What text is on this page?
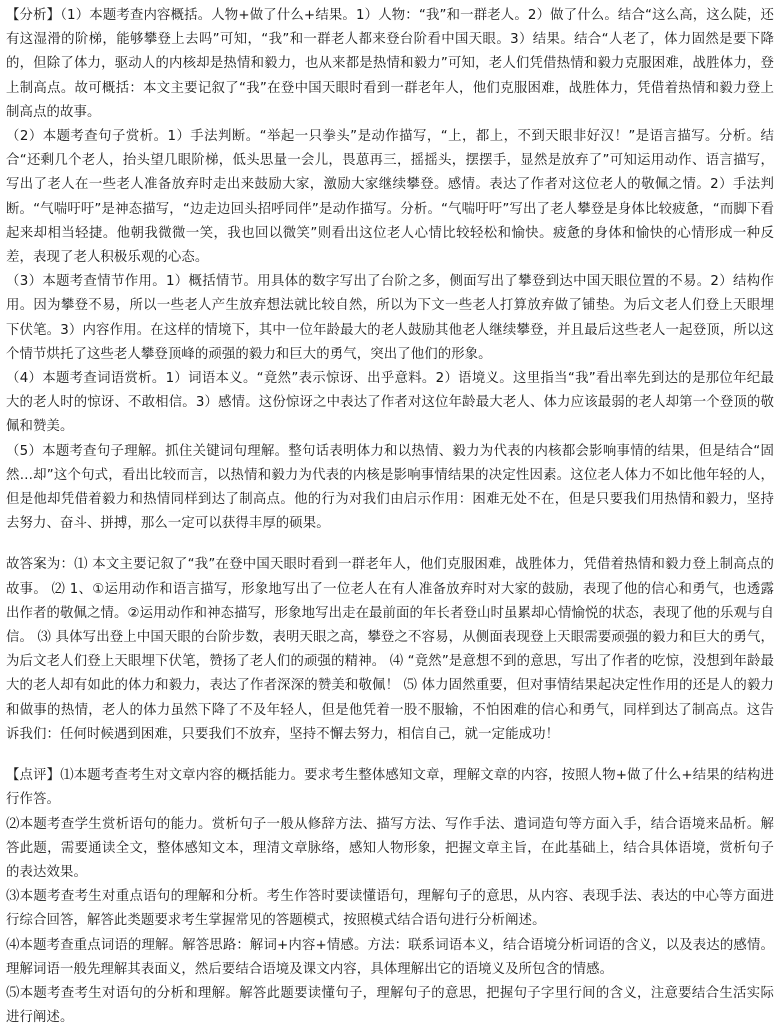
【分析】（1）本题考查内容概括。人物+做了什么+结果。1）人物：“我”和一群老人。2）做了什么。结合“这么高，这么陡，还有这湿滑的阶梯，能够攀登上去吗”可知，“我”和一群老人都来登台阶看中国天眼。3）结果。结合“人老了，体力固然是要下降的，但除了体力，驱动人的内核却是热情和毅力，也从来都是热情和毅力”可知，老人们凭借热情和毅力克服困难，战胜体力，登上制高点。故可概括：本文主要记叙了“我”在登中国天眼时看到一群老年人，他们克服困难，战胜体力，凭借着热情和毅力登上制高点的故事。

（2）本题考查句子赏析。1）手法判断。“举起一只拳头”是动作描写，“上，都上，不到天眼非好汉！”是语言描写。分析。结合“还剩几个老人，抬头望几眼阶梯，低头思量一会儿，畏葸再三，摇摇头，摆摆手，显然是放弃了”可知运用动作、语言描写，写出了老人在一些老人准备放弃时走出来鼓励大家，激励大家继续攀登。感情。表达了作者对这位老人的敬佩之情。2）手法判断。“气喘吁吁”是神态描写，“边走边回头招呼同伴”是动作描写。分析。“气喘吁吁”写出了老人攀登是身体比较疲惫，“而脚下看起来却相当轻捷。他朝我微微一笑，我也回以微笑”则看出这位老人心情比较轻松和愉快。疲惫的身体和愉快的心情形成一种反差，表现了老人积极乐观的心态。

（3）本题考查情节作用。1）概括情节。用具体的数字写出了台阶之多，侧面写出了攀登到达中国天眼位置的不易。2）结构作用。因为攀登不易，所以一些老人产生放弃想法就比较自然，所以为下文一些老人打算放弃做了铺垫。为后文老人们登上天眼埋下伏笔。3）内容作用。在这样的情境下，其中一位年龄最大的老人鼓励其他老人继续攀登，并且最后这些老人一起登顶，所以这个情节烘托了这些老人攀登顶峰的顽强的毅力和巨大的勇气，突出了他们的形象。

（4）本题考查词语赏析。1）词语本义。“竟然”表示惊讶、出乎意料。2）语境义。这里指当“我”看出率先到达的是那位年纪最大的老人时的惊讶、不敢相信。3）感情。这份惊讶之中表达了作者对这位年龄最大老人、体力应该最弱的老人却第一个登顶的敬佩和赞美。

（5）本题考查句子理解。抓住关键词句理解。整句话表明体力和以热情、毅力为代表的内核都会影响事情的结果，但是结合“固然…却”这个句式，看出比较而言，以热情和毅力为代表的内核是影响事情结果的决定性因素。这位老人体力不如比他年轻的人，但是他却凭借着毅力和热情同样到达了制高点。他的行为对我们由启示作用：困难无处不在，但是只要我们用热情和毅力，坚持去努力、奋斗、拼搏，那么一定可以获得丰厚的硕果。

故答案为：⑴ 本文主要记叙了“我”在登中国天眼时看到一群老年人，他们克服困难，战胜体力，凭借着热情和毅力登上制高点的故事。 ⑵ 1、①运用动作和语言描写，形象地写出了一位老人在有人准备放弃时对大家的鼓励，表现了他的信心和勇气，也透露出作者的敬佩之情。②运用动作和神态描写，形象地写出走在最前面的年长者登山时虽累却心情愉悦的状态，表现了他的乐观与自信。 ⑶ 具体写出登上中国天眼的台阶步数，表明天眼之高，攀登之不容易，从侧面表现登上天眼需要顽强的毅力和巨大的勇气，为后文老人们登上天眼埋下伏笔，赞扬了老人们的顽强的精神。 ⑷ “竟然”是意想不到的意思，写出了作者的吃惊，没想到年龄最大的老人却有如此的体力和毅力，表达了作者深深的赞美和敬佩！ ⑸ 体力固然重要，但对事情结果起决定性作用的还是人的毅力和做事的热情，老人的体力虽然下降了不及年轻人，但是他凭着一股不服输，不怕困难的信心和勇气，同样到达了制高点。这告诉我们：任何时候遇到困难，只要我们不放弃，坚持不懈去努力，相信自己，就一定能成功！

【点评】⑴本题考查考生对文章内容的概括能力。要求考生整体感知文章，理解文章的内容，按照人物+做了什么+结果的结构进行作答。

⑵本题考查学生赏析语句的能力。赏析句子一般从修辞方法、描写方法、写作手法、遣词造句等方面入手，结合语境来品析。解答此题，需要通读全文，整体感知文本，理清文章脉络，感知人物形象，把握文章主旨，在此基础上，结合具体语境，赏析句子的表达效果。

⑶本题考查考生对重点语句的理解和分析。考生作答时要读懂语句，理解句子的意思，从内容、表现手法、表达的中心等方面进行综合回答，解答此类题要求考生掌握常见的答题模式，按照模式结合语句进行分析阐述。

⑷本题考查重点词语的理解。解答思路：解词+内容+情感。方法：联系词语本义，结合语境分析词语的含义，以及表达的感情。理解词语一般先理解其表面义，然后要结合语境及课文内容，具体理解出它的语境义及所包含的情感。

⑸本题考查考生对语句的分析和理解。解答此题要读懂句子，理解句子的意思，把握句子字里行间的含义，注意要结合生活实际进行阐述。
